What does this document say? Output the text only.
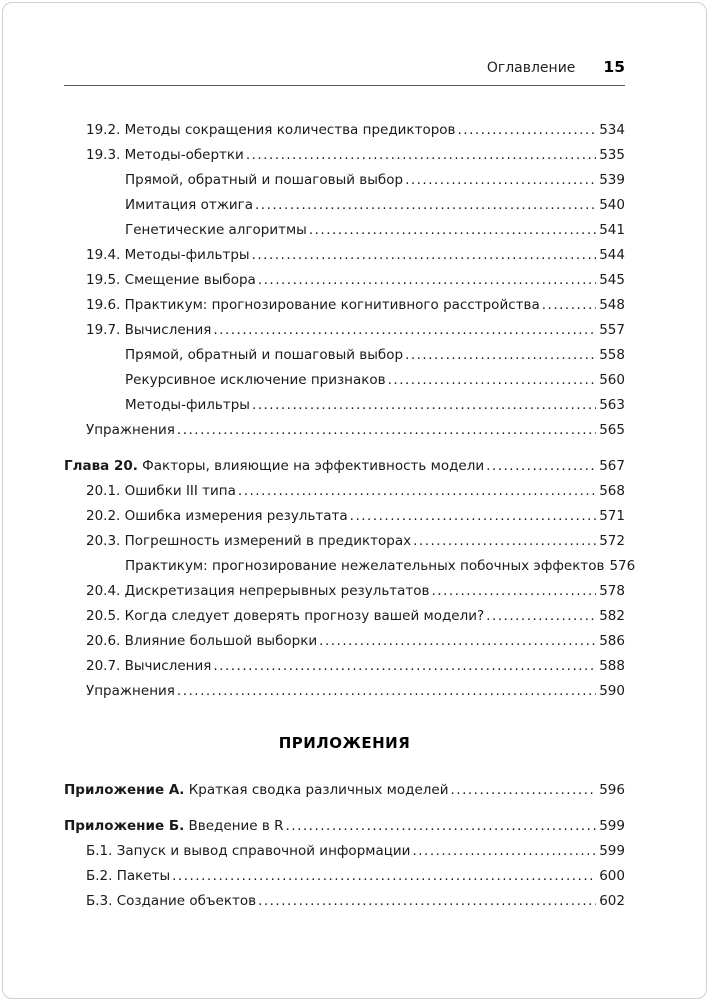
Оглавление 15
19.2. Методы сокращения количества предикторов .....	534
19.3. Методы-обертки .....	535
Прямой, обратный и пошаговый выбор .....	539
Имитация отжига .....	540
Генетические алгоритмы .....	541
19.4. Методы-фильтры .....	544
19.5. Смещение выбора .....	545
19.6. Практикум: прогнозирование когнитивного расстройства .....	548
19.7. Вычисления .....	557
Прямой, обратный и пошаговый выбор .....	558
Рекурсивное исключение признаков .....	560
Методы-фильтры .....	563
Упражнения .....	565
Глава 20. Факторы, влияющие на эффективность модели .....	567
20.1. Ошибки III типа .....	568
20.2. Ошибка измерения результата .....	571
20.3. Погрешность измерений в предикторах .....	572
Практикум: прогнозирование нежелательных побочных эффектов 576
20.4. Дискретизация непрерывных результатов .....	578
20.5. Когда следует доверять прогнозу вашей модели? .....	582
20.6. Влияние большой выборки .....	586
20.7. Вычисления .....	588
Упражнения .....	590
ПРИЛОЖЕНИЯ
Приложение А. Краткая сводка различных моделей .....	596
Приложение Б. Введение в R .....	599
Б.1. Запуск и вывод справочной информации .....	599
Б.2. Пакеты .....	600
Б.3. Создание объектов .....	602
